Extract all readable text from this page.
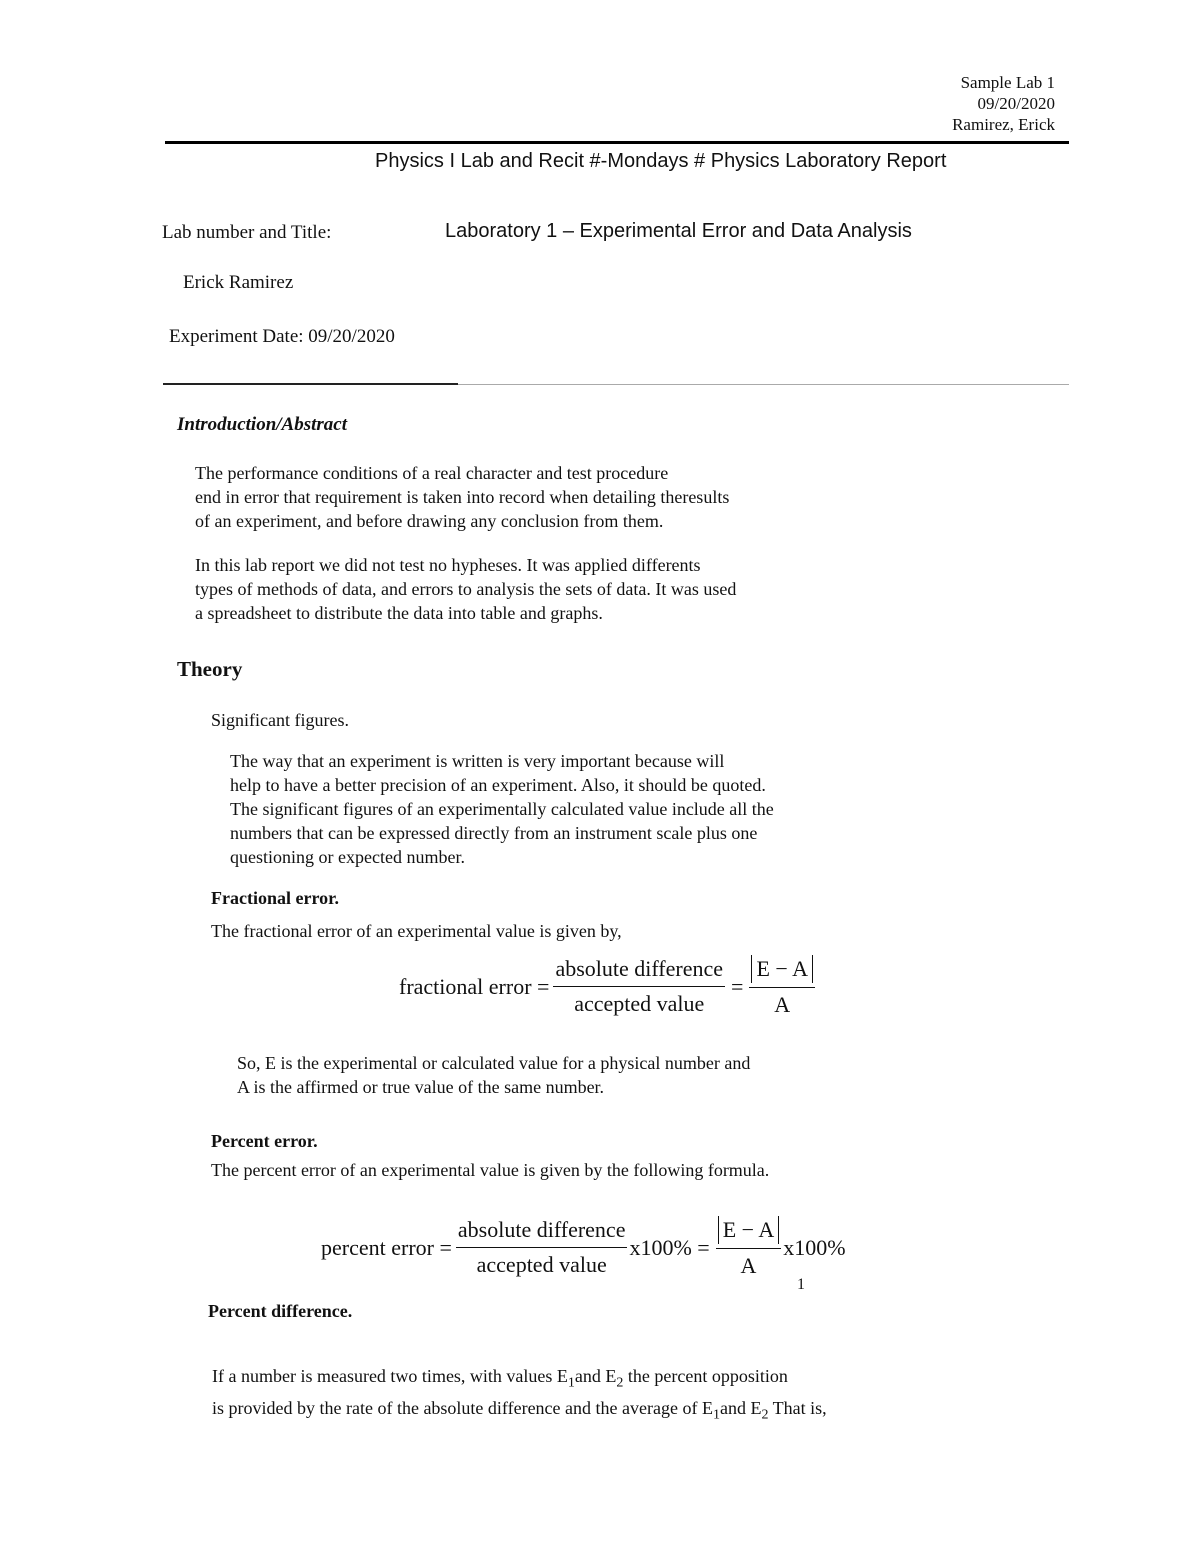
Sample Lab 1
09/20/2020
Ramirez, Erick
Physics I Lab and Recit #-Mondays # Physics Laboratory Report
Lab number and Title:	Laboratory 1 – Experimental Error and Data Analysis
Erick Ramirez
Experiment Date: 09/20/2020
Introduction/Abstract
The performance conditions of a real character and test procedure
end in error that requirement is taken into record when detailing theresults
of an experiment, and before drawing any conclusion from them.
In this lab report we did not test no hypheses. It was applied differents
types of methods of data, and errors to analysis the sets of data. It was used
a spreadsheet to distribute the data into table and graphs.
Theory
Significant figures.
The way that an experiment is written is very important because will
help to have a better precision of an experiment. Also, it should be quoted.
The significant figures of an experimentally calculated value include all the
numbers that can be expressed directly from an instrument scale plus one
questioning or expected number.
Fractional error.
The fractional error of an experimental value is given by,
fractional error = $\frac{\text{absolute difference}}{\text{accepted value}} = \frac{E - A}{A}$
So, E is the experimental or calculated value for a physical number and
A is the affirmed or true value of the same number.
Percent error.
The percent error of an experimental value is given by the following formula.
percent error = $\frac{\text{absolute difference}}{\text{accepted value}} x100\% = \frac{E - A}{A} x100\%$
1
Percent difference.
If a number is measured two times, with values $E_1and$ $E_2$ the percent opposition
is provided by the rate of the absolute difference and the average of $E_1and$ $E_2$ That is,
